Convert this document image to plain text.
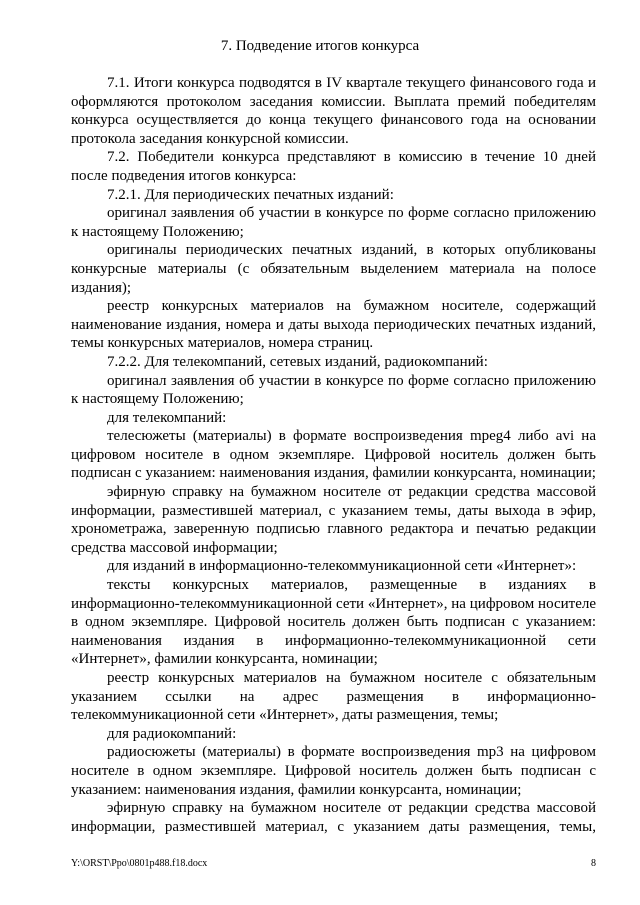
7. Подведение итогов конкурса

7.1. Итоги конкурса подводятся в IV квартале текущего финансового года и оформляются протоколом заседания комиссии. Выплата премий победителям конкурса осуществляется до конца текущего финансового года на основании протокола заседания конкурсной комиссии.

7.2. Победители конкурса представляют в комиссию в течение 10 дней после подведения итогов конкурса:

7.2.1. Для периодических печатных изданий:

оригинал заявления об участии в конкурсе по форме согласно приложению к настоящему Положению;

оригиналы периодических печатных изданий, в которых опубликованы конкурсные материалы (с обязательным выделением материала на полосе издания);

реестр конкурсных материалов на бумажном носителе, содержащий наименование издания, номера и даты выхода периодических печатных изданий, темы конкурсных материалов, номера страниц.

7.2.2. Для телекомпаний, сетевых изданий, радиокомпаний:

оригинал заявления об участии в конкурсе по форме согласно приложению к настоящему Положению;

для телекомпаний:

телесюжеты (материалы) в формате воспроизведения mpeg4 либо avi на цифровом носителе в одном экземпляре. Цифровой носитель должен быть подписан с указанием: наименования издания, фамилии конкурсанта, номинации;

эфирную справку на бумажном носителе от редакции средства массовой информации, разместившей материал, с указанием темы, даты выхода в эфир, хронометража, заверенную подписью главного редактора и печатью редакции средства массовой информации;

для изданий в информационно-телекоммуникационной сети «Интернет»:

тексты конкурсных материалов, размещенные в изданиях в информационно-телекоммуникационной сети «Интернет», на цифровом носителе в одном экземпляре. Цифровой носитель должен быть подписан с указанием: наименования издания в информационно-телекоммуникационной сети «Интернет», фамилии конкурсанта, номинации;

реестр конкурсных материалов на бумажном носителе с обязательным указанием ссылки на адрес размещения в информационно-телекоммуникационной сети «Интернет», даты размещения, темы;

для радиокомпаний:

радиосюжеты (материалы) в формате воспроизведения mp3 на цифровом носителе в одном экземпляре. Цифровой носитель должен быть подписан с указанием: наименования издания, фамилии конкурсанта, номинации;

эфирную справку на бумажном носителе от редакции средства массовой информации, разместившей материал, с указанием даты размещения, темы,

Y:\ORST\Ppo\0801p488.f18.docx	8
